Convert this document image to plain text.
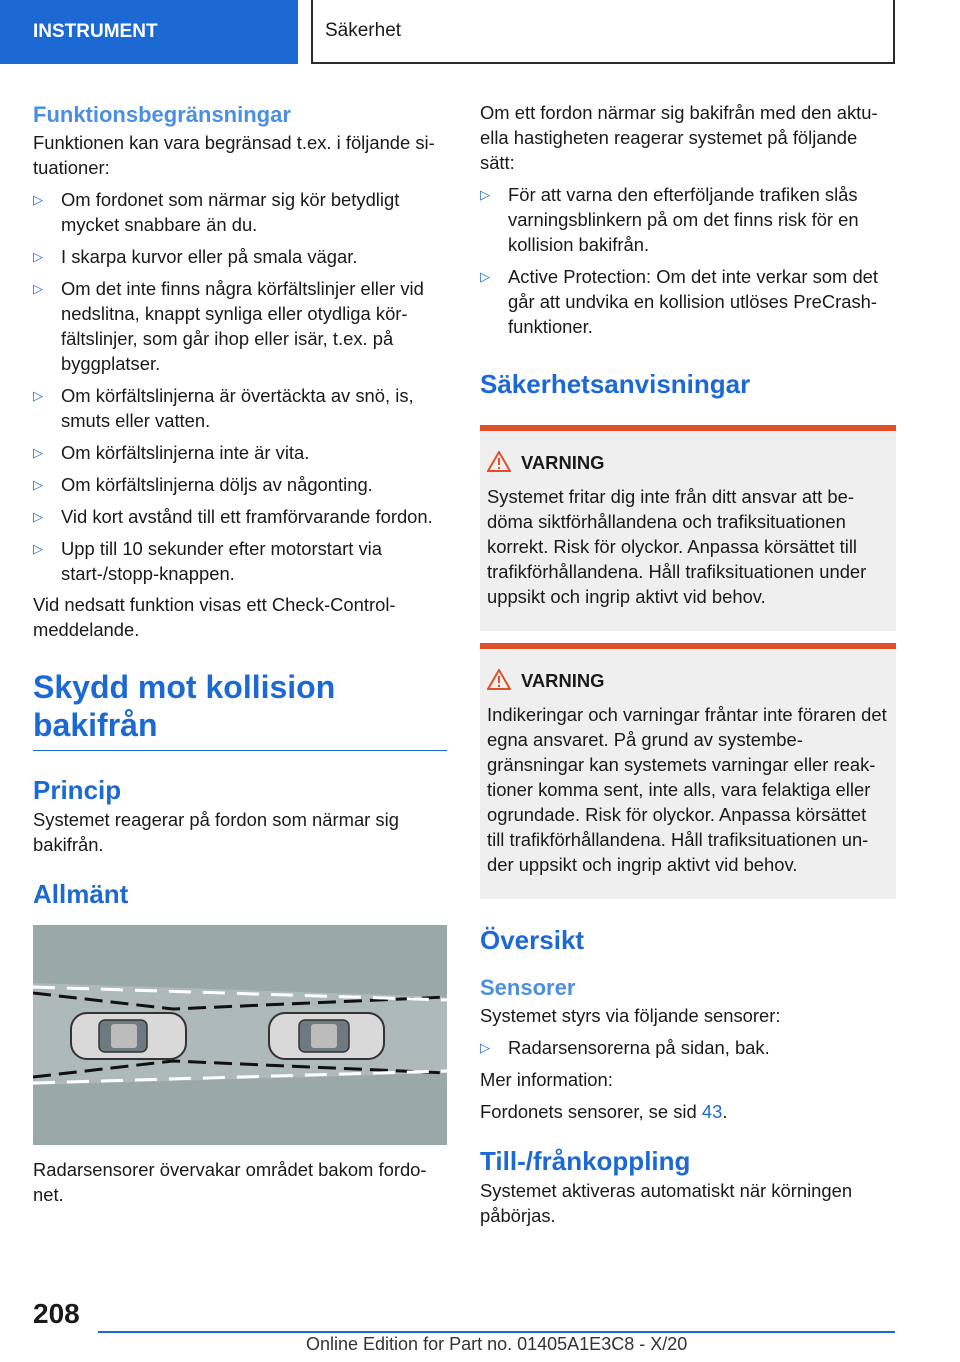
INSTRUMENT	Säkerhet
Funktionsbegränsningar

Funktionen kan vara begränsad t.ex. i följande si-tuationer:

▷ Om fordonet som närmar sig kör betydligt mycket snabbare än du.
▷ I skarpa kurvor eller på smala vägar.
▷ Om det inte finns några körfältslinjer eller vid nedslitna, knappt synliga eller otydliga kör-fältslinjer, som går ihop eller isär, t.ex. på byggplatser.
▷ Om körfältslinjerna är övertäckta av snö, is, smuts eller vatten.
▷ Om körfältslinjerna inte är vita.
▷ Om körfältslinjerna döljs av någonting.
▷ Vid kort avstånd till ett framförvarande fordon.
▷ Upp till 10 sekunder efter motorstart via start-/stopp-knappen.

Vid nedsatt funktion visas ett Check-Control-meddelande.

Skydd mot kollision bakifrån
Princip

Systemet reagerar på fordon som närmar sig bakifrån.

Allmänt

Radarsensorer övervakar området bakom fordo-net.

Om ett fordon närmar sig bakifrån med den aktu-ella hastigheten reagerar systemet på följande sätt:

▷ För att varna den efterföljande trafiken slås varningsblinkern på om det finns risk för en kollision bakifrån.
▷ Active Protection: Om det inte verkar som det går att undvika en kollision utlöses PreCrash-funktioner.
Säkerhetsanvisningar
VARNING

Systemet fritar dig inte från ditt ansvar att be-döma siktförhållandena och trafiksituationen korrekt. Risk för olyckor. Anpassa körsättet till trafikförhållandena. Håll trafiksituationen under uppsikt och ingrip aktivt vid behov.

VARNING

Indikeringar och varningar fråntar inte föraren det egna ansvaret. På grund av systembe-gränsningar kan systemets varningar eller reak-tioner komma sent, inte alls, vara felaktiga eller ogrundade. Risk för olyckor. Anpassa körsättet till trafikförhållandena. Håll trafiksituationen un-der uppsikt och ingrip aktivt vid behov.

Översikt
Sensorer

Systemet styrs via följande sensorer:

▷ Radarsensorerna på sidan, bak.

Mer information:

Fordonets sensorer, se sid 43.

Till-/frånkoppling

Systemet aktiveras automatiskt när körningen påbörjas.

208
Online Edition for Part no. 01405A1E3C8 - X/20
